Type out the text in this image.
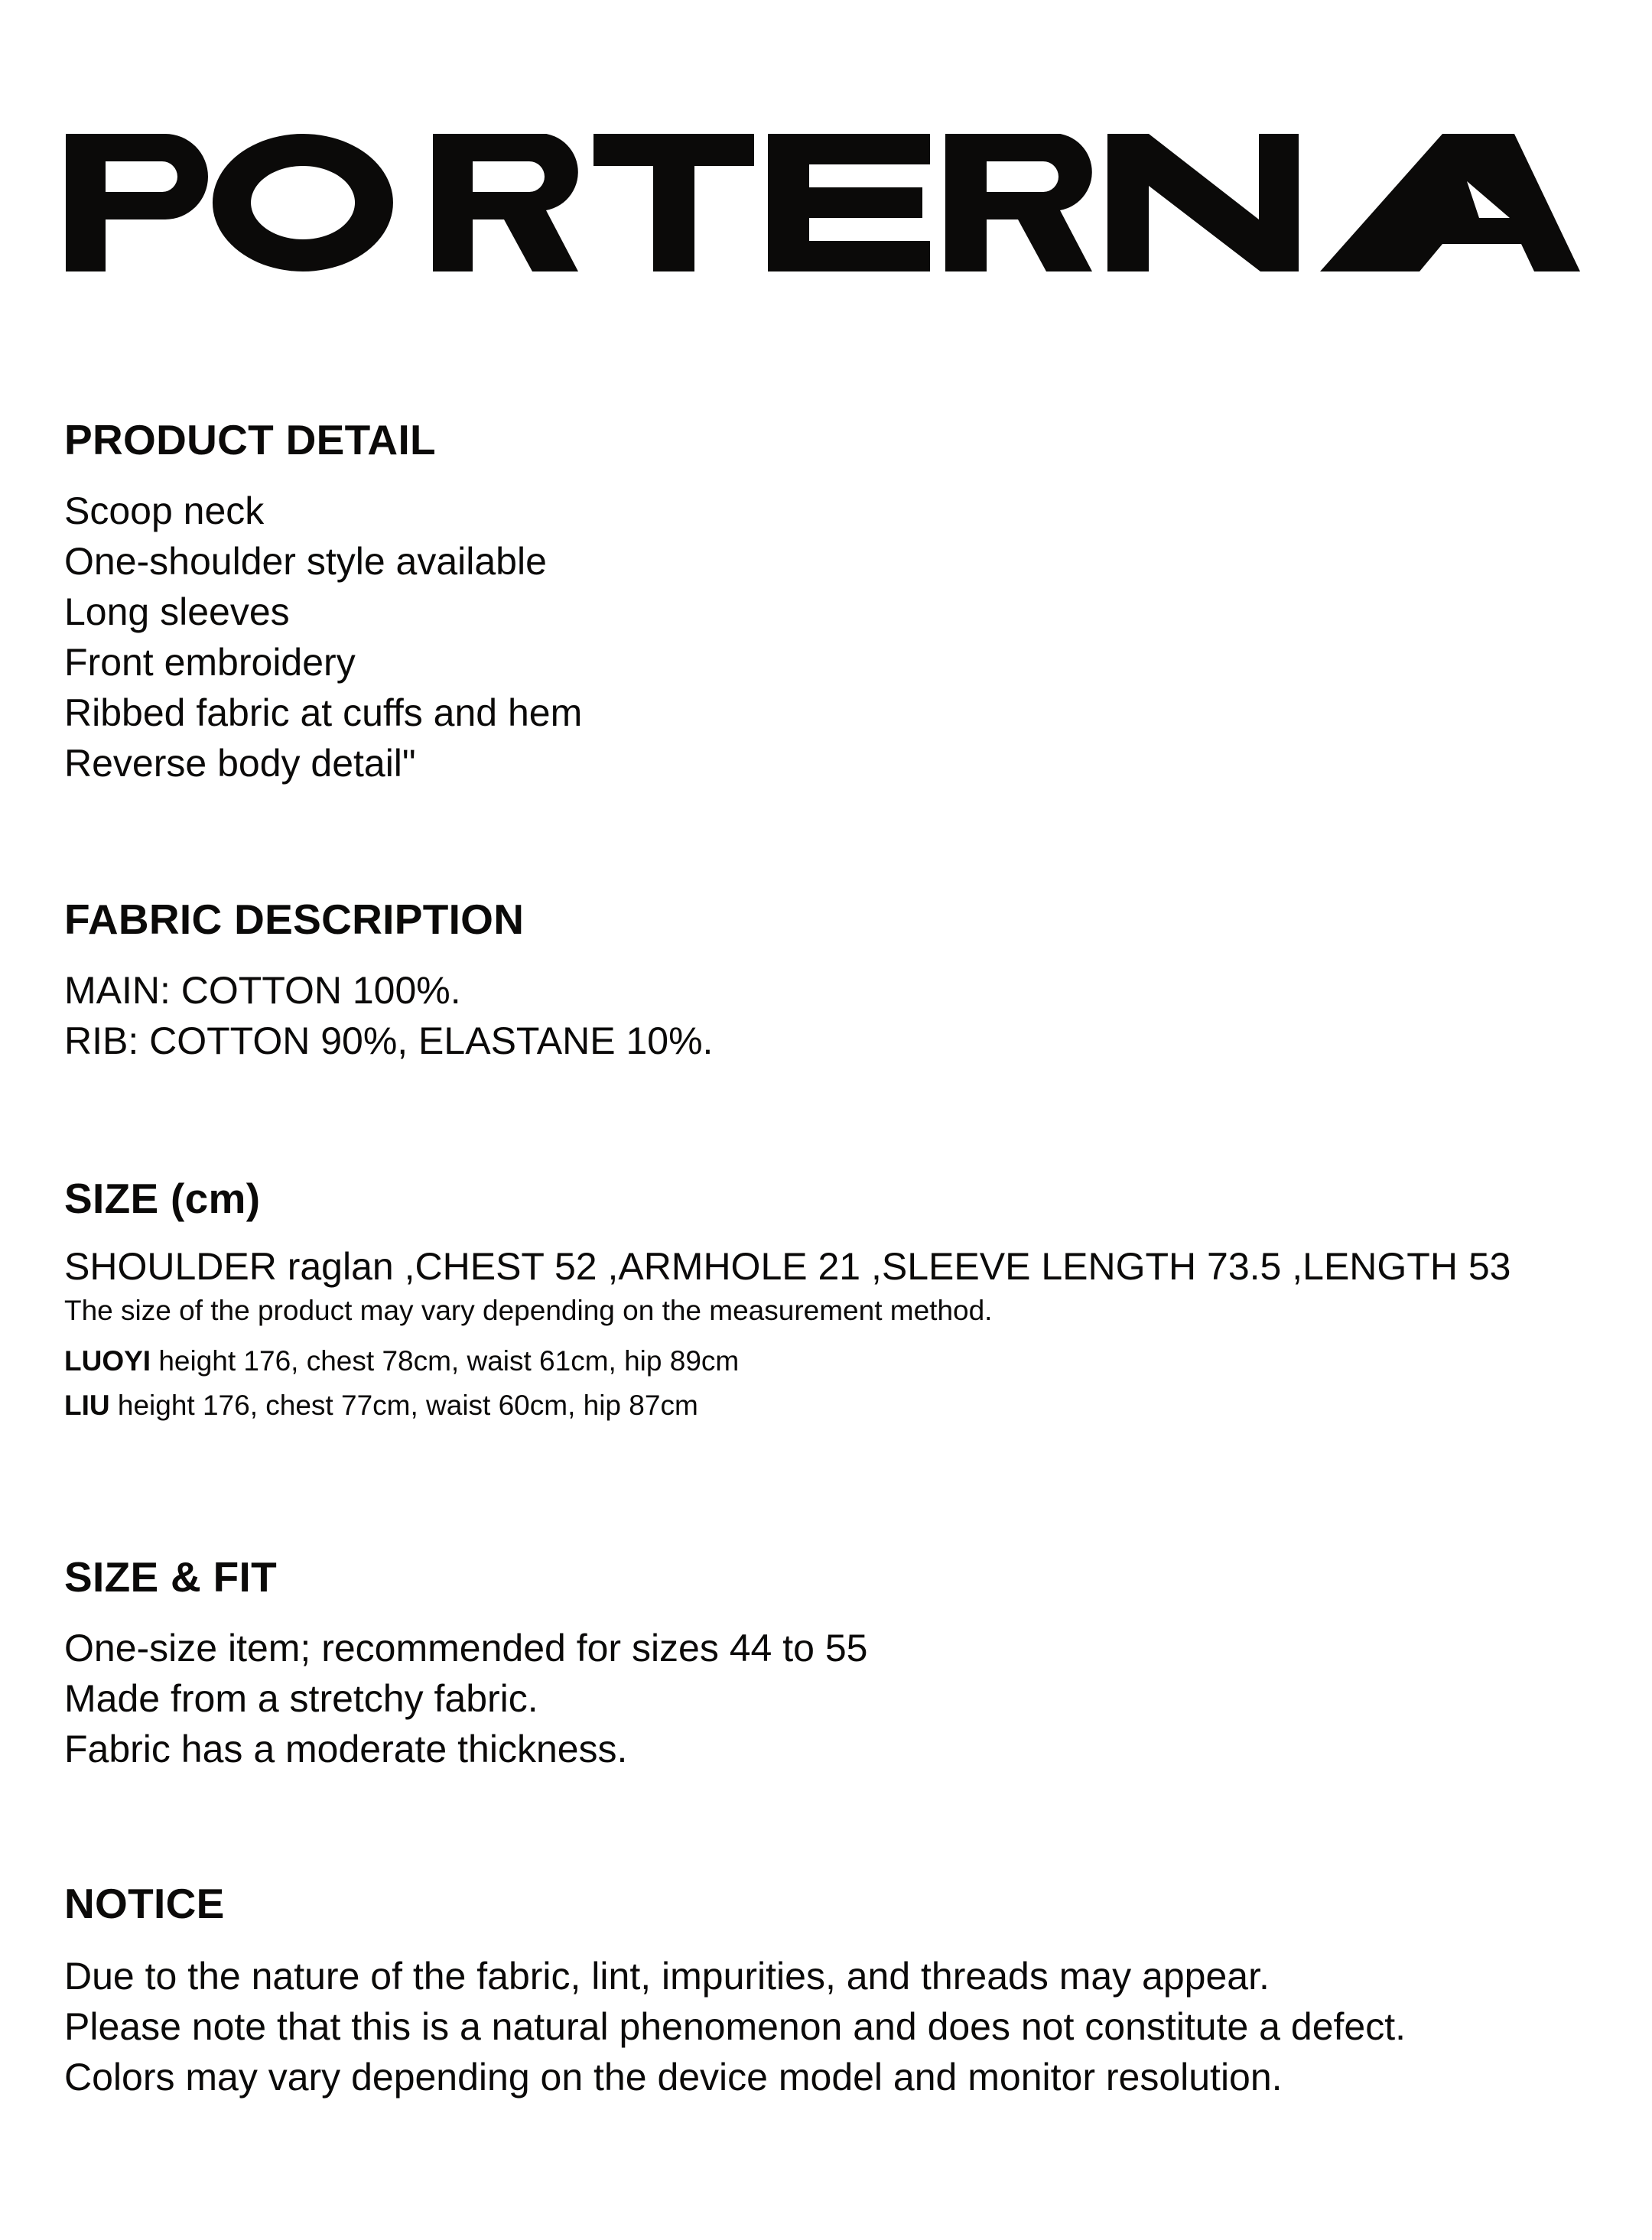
PRODUCT DETAIL
Scoop neck
One-shoulder style available
Long sleeves
Front embroidery
Ribbed fabric at cuffs and hem
Reverse body detail"
FABRIC DESCRIPTION
MAIN: COTTON 100%.
RIB: COTTON 90%, ELASTANE 10%.
SIZE (cm)
SHOULDER raglan ,CHEST 52 ,ARMHOLE 21 ,SLEEVE LENGTH 73.5 ,LENGTH 53
The size of the product may vary depending on the measurement method.
LUOYI height 176, chest 78cm, waist 61cm, hip 89cm
LIU height 176, chest 77cm, waist 60cm, hip 87cm
SIZE & FIT
One-size item; recommended for sizes 44 to 55
Made from a stretchy fabric.
Fabric has a moderate thickness.
NOTICE
Due to the nature of the fabric, lint, impurities, and threads may appear.
Please note that this is a natural phenomenon and does not constitute a defect.
Colors may vary depending on the device model and monitor resolution.
